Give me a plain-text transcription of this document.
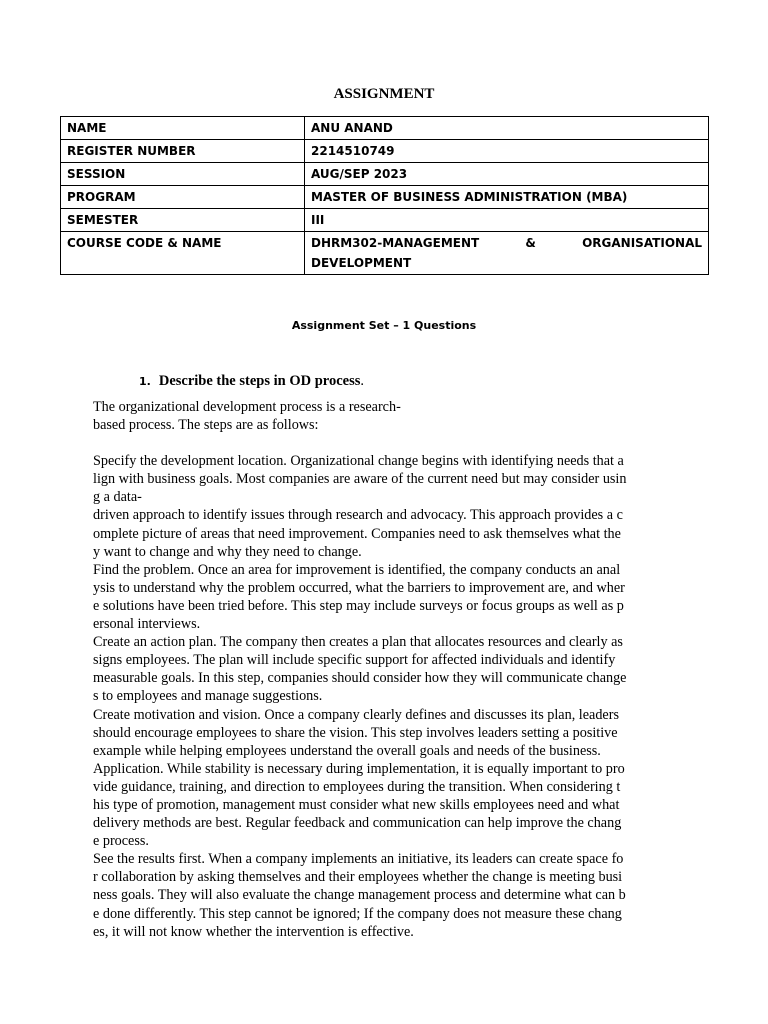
ASSIGNMENT
NAME	ANU ANAND
REGISTER NUMBER	2214510749
SESSION	AUG/SEP 2023
PROGRAM	MASTER OF BUSINESS ADMINISTRATION (MBA)
SEMESTER	III
COURSE CODE & NAME	DHRM302-MANAGEMENT & ORGANISATIONAL
DEVELOPMENT
Assignment Set – 1 Questions
1. Describe the steps in OD process.

The organizational development process is a research-

based process. The steps are as follows:

Specify the development location. Organizational change begins with identifying needs that a

lign with business goals. Most companies are aware of the current need but may consider usin

g a data-

driven approach to identify issues through research and advocacy. This approach provides a c

omplete picture of areas that need improvement. Companies need to ask themselves what the

y want to change and why they need to change.

Find the problem. Once an area for improvement is identified, the company conducts an anal

ysis to understand why the problem occurred, what the barriers to improvement are, and wher

e solutions have been tried before. This step may include surveys or focus groups as well as p

ersonal interviews.

Create an action plan. The company then creates a plan that allocates resources and clearly as

signs employees. The plan will include specific support for affected individuals and identify

measurable goals. In this step, companies should consider how they will communicate change

s to employees and manage suggestions.

Create motivation and vision. Once a company clearly defines and discusses its plan, leaders

should encourage employees to share the vision. This step involves leaders setting a positive

example while helping employees understand the overall goals and needs of the business.

Application. While stability is necessary during implementation, it is equally important to pro

vide guidance, training, and direction to employees during the transition. When considering t

his type of promotion, management must consider what new skills employees need and what

delivery methods are best. Regular feedback and communication can help improve the chang

e process.

See the results first. When a company implements an initiative, its leaders can create space fo

r collaboration by asking themselves and their employees whether the change is meeting busi

ness goals. They will also evaluate the change management process and determine what can b

e done differently. This step cannot be ignored; If the company does not measure these chang

es, it will not know whether the intervention is effective.
